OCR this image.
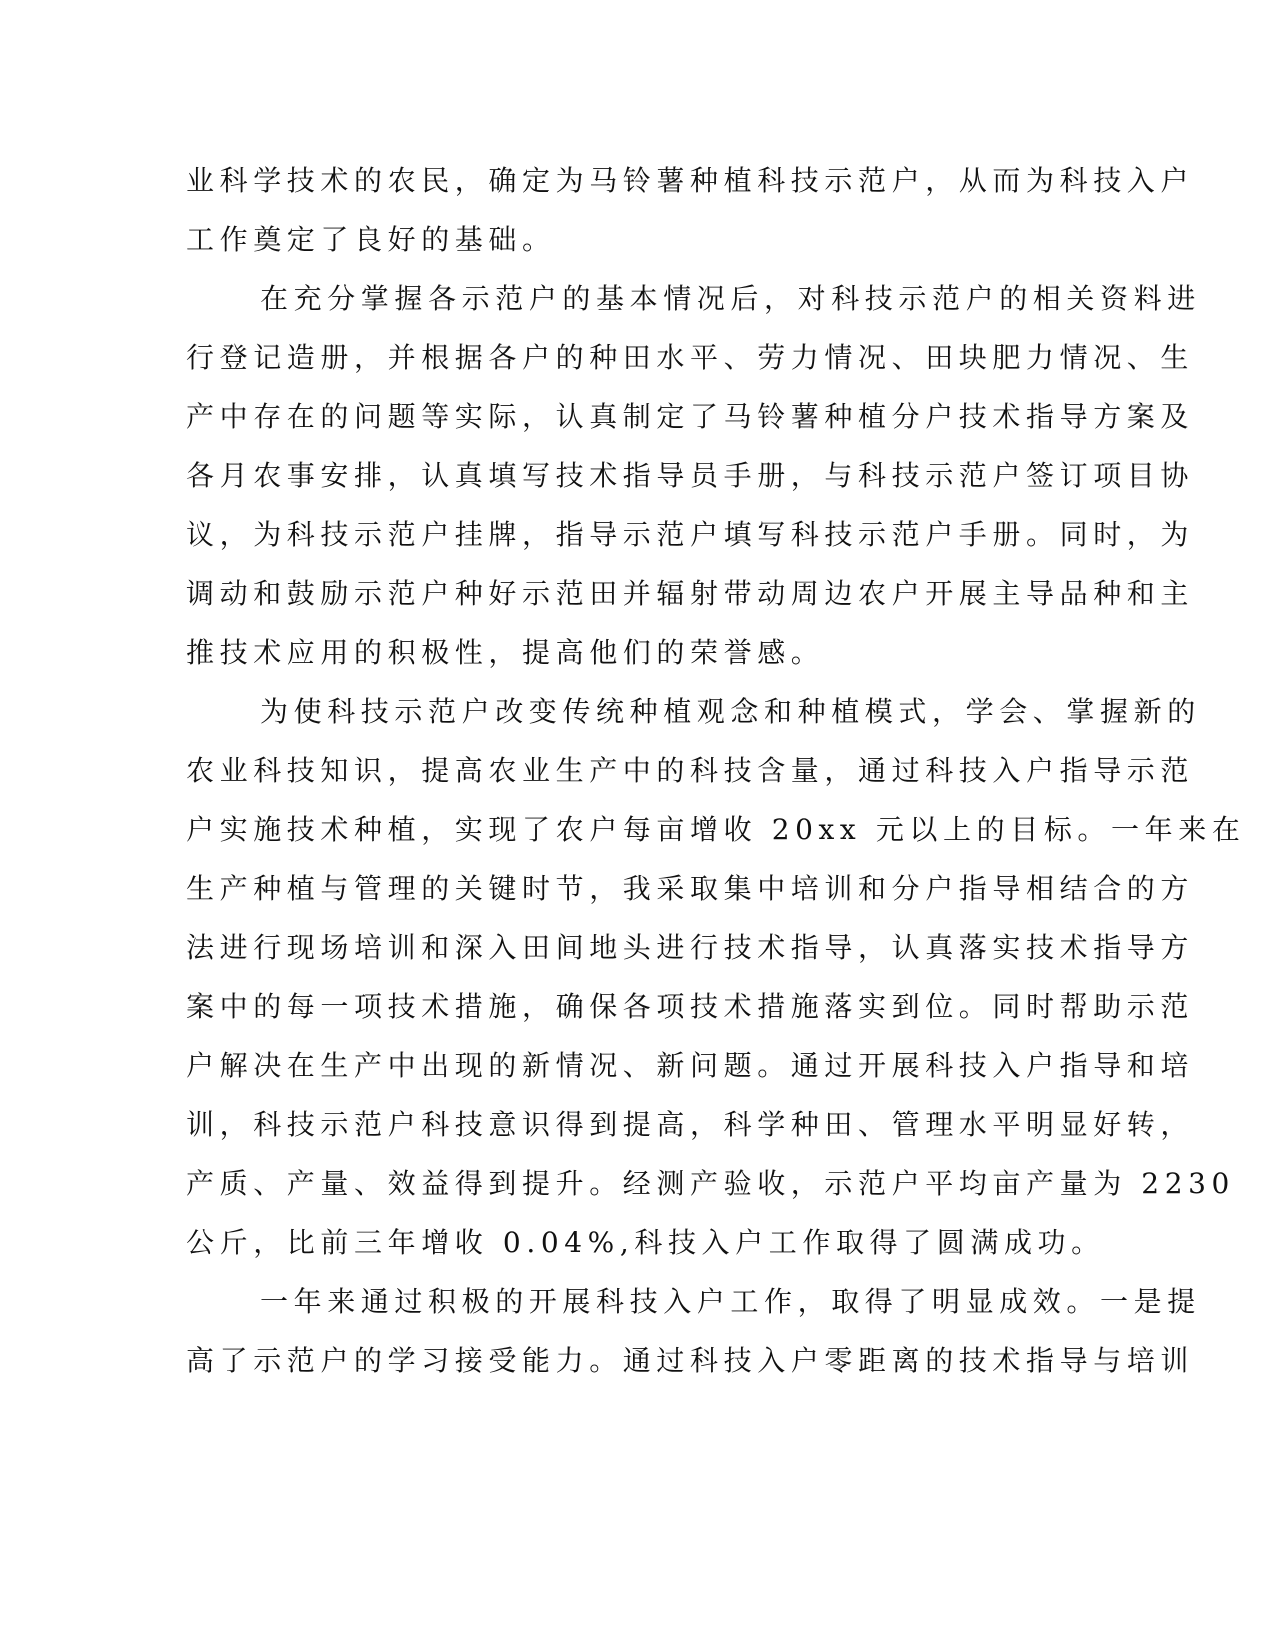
业科学技术的农民，确定为马铃薯种植科技示范户，从而为科技入户
工作奠定了良好的基础。
在充分掌握各示范户的基本情况后，对科技示范户的相关资料进
行登记造册，并根据各户的种田水平、劳力情况、田块肥力情况、生
产中存在的问题等实际，认真制定了马铃薯种植分户技术指导方案及
各月农事安排，认真填写技术指导员手册，与科技示范户签订项目协
议，为科技示范户挂牌，指导示范户填写科技示范户手册。同时，为
调动和鼓励示范户种好示范田并辐射带动周边农户开展主导品种和主
推技术应用的积极性，提高他们的荣誉感。
为使科技示范户改变传统种植观念和种植模式，学会、掌握新的
农业科技知识，提高农业生产中的科技含量，通过科技入户指导示范
户实施技术种植，实现了农户每亩增收 20xx 元以上的目标。一年来在
生产种植与管理的关键时节，我采取集中培训和分户指导相结合的方
法进行现场培训和深入田间地头进行技术指导，认真落实技术指导方
案中的每一项技术措施，确保各项技术措施落实到位。同时帮助示范
户解决在生产中出现的新情况、新问题。通过开展科技入户指导和培
训，科技示范户科技意识得到提高，科学种田、管理水平明显好转，
产质、产量、效益得到提升。经测产验收，示范户平均亩产量为 2230
公斤，比前三年增收 0.04%,科技入户工作取得了圆满成功。
一年来通过积极的开展科技入户工作，取得了明显成效。一是提
高了示范户的学习接受能力。通过科技入户零距离的技术指导与培训
